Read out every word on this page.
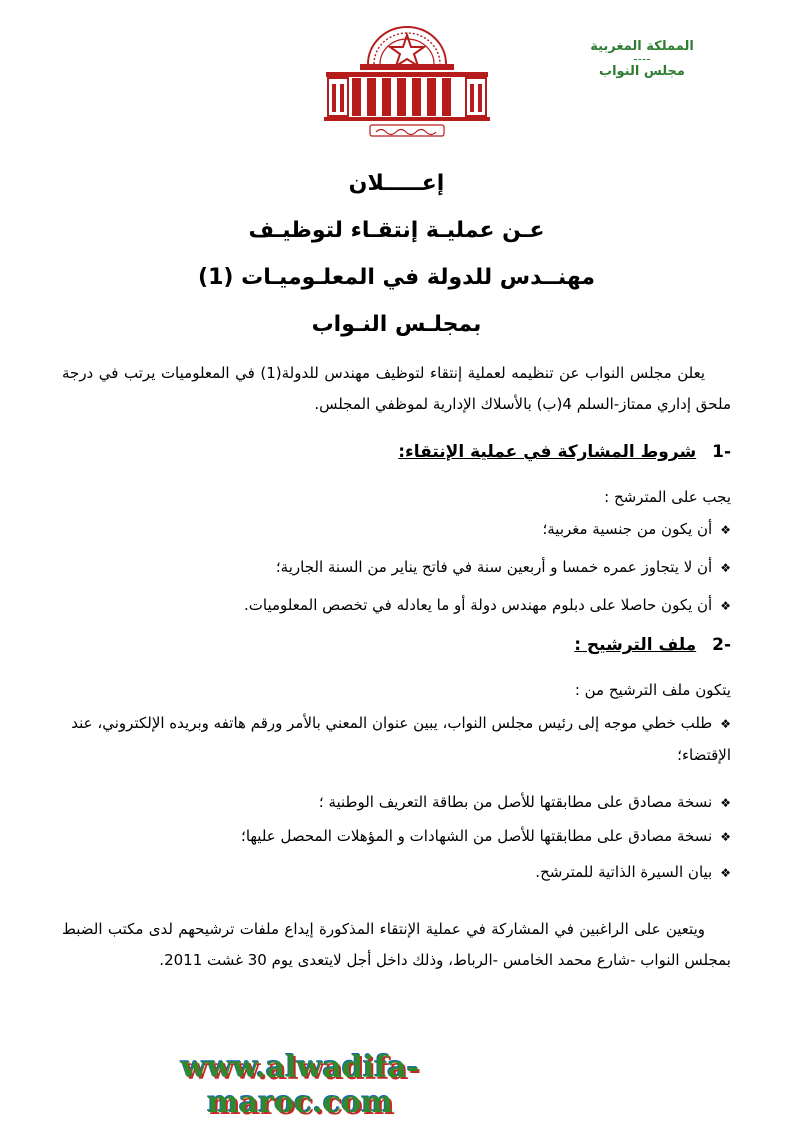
المملكة المغربية
مجلس النواب
إعـــــلان
عـن عمليـة إنتقـاء لتوظيـف
مهنــدس للدولة في المعلـوميـات (1)
بمجلـس النـواب
يعلن مجلس النواب عن تنظيمه لعملية إنتقاء لتوظيف مهندس للدولة(1) في المعلوميات يرتب في درجة ملحق إداري ممتاز-السلم 4(ب) بالأسلاك الإدارية لموظفي المجلس.
-1 شروط المشاركة في عملية الإنتقاء:
يجب على المترشح :
❖أن يكون من جنسية مغربية؛
❖أن لا يتجاوز عمره خمسا و أربعين سنة في فاتح يناير من السنة الجارية؛
❖أن يكون حاصلا على دبلوم مهندس دولة أو ما يعادله في تخصص المعلوميات.
-2 ملف الترشيح :
يتكون ملف الترشيح من :
❖طلب خطي موجه إلى رئيس مجلس النواب، يبين عنوان المعني بالأمر ورقم هاتفه وبريده الإلكتروني، عند الإقتضاء؛
❖نسخة مصادق على مطابقتها للأصل من بطاقة التعريف الوطنية ؛
❖نسخة مصادق على مطابقتها للأصل من الشهادات و المؤهلات المحصل عليها؛
❖بيان السيرة الذاتية للمترشح.
ويتعين على الراغبين في المشاركة في عملية الإنتقاء المذكورة إيداع ملفات ترشيحهم لدى مكتب الضبط بمجلس النواب -شارع محمد الخامس -الرباط، وذلك داخل أجل لايتعدى يوم 30 غشت 2011.
www.alwadifa-maroc.com
